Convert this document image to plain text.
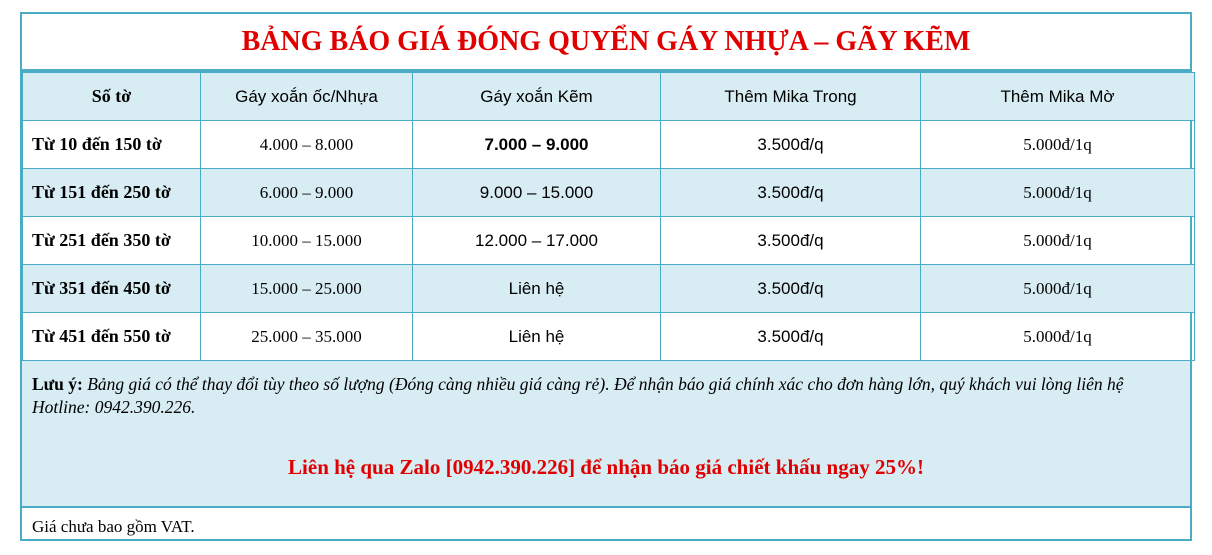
BẢNG BÁO GIÁ ĐÓNG QUYỂN GÁY NHỰA – GÃY KẼM
Số tờ	Gáy xoắn ốc/Nhựa	Gáy xoắn Kẽm	Thêm Mika Trong	Thêm Mika Mờ
Từ 10 đến 150 tờ	4.000 – 8.000	7.000 – 9.000	3.500đ/q	5.000đ/1q
Từ 151 đến 250 tờ	6.000 – 9.000	9.000 – 15.000	3.500đ/q	5.000đ/1q
Từ 251 đến 350 tờ	10.000 – 15.000	12.000 – 17.000	3.500đ/q	5.000đ/1q
Từ 351 đến 450 tờ	15.000 – 25.000	Liên hệ	3.500đ/q	5.000đ/1q
Từ 451 đến 550 tờ	25.000 – 35.000	Liên hệ	3.500đ/q	5.000đ/1q

Lưu ý: Bảng giá có thể thay đổi tùy theo số lượng (Đóng càng nhiều giá càng rẻ). Để nhận báo giá chính xác cho đơn hàng lớn, quý khách vui lòng liên hệ Hotline: 0942.390.226.

Liên hệ qua Zalo [0942.390.226] để nhận báo giá chiết khấu ngay 25%!
Giá chưa bao gồm VAT.
